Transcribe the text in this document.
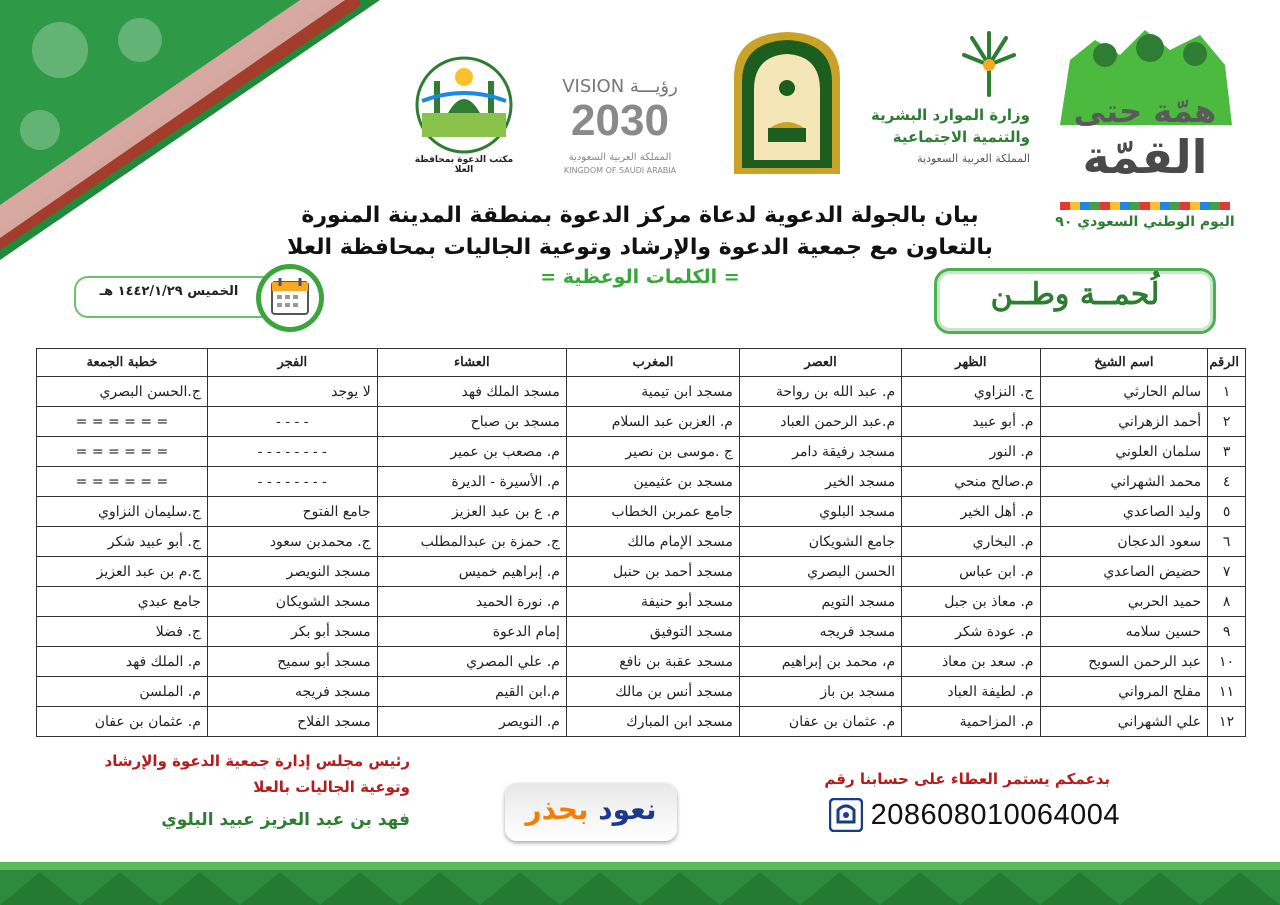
همّة حتى
القمّة
اليوم الوطني السعودي ٩٠
وزارة الموارد البشرية
والتنمية الاجتماعية
المملكة العربية السعودية
VISION رؤيـــة
2030
المملكة العربية السعودية
KINGDOM OF SAUDI ARABIA
مكتب الدعوة بمحافظة العلا
بيان بالجولة الدعوية لدعاة مركز الدعوة بمنطقة المدينة المنورة
بالتعاون مع جمعية الدعوة والإرشاد وتوعية الجاليات بمحافظة العلا
= الكلمات الوعظية =
الخميس ١٤٤٢/١/٢٩ هـ	لُحمــة وطــن
الرقم	اسم الشيخ	الظهر	العصر	المغرب	العشاء	الفجر	خطبة الجمعة
١	سالم الحارثي	ج. النزاوي	م. عبد الله بن رواحة	مسجد ابن تيمية	مسجد الملك فهد	لا يوجد	ج.الحسن البصري
٢	أحمد الزهراني	م. أبو عبيد	م.عبد الرحمن العباد	م. العزبن عبد السلام	مسجد بن صباح	- - - -	= = = = = =
٣	سلمان العلوني	م. النور	مسجد رفيقة دامر	ج .موسى بن نصير	م. مصعب بن عمير	- - - - - - - -	= = = = = =
٤	محمد الشهراني	م.صالح منحي	مسجد الخير	مسجد بن عثيمين	م. الأسيرة - الديرة	- - - - - - - -	= = = = = =
٥	وليد الصاعدي	م. أهل الخير	مسجد البلوي	جامع عمربن الخطاب	م. ع بن عبد العزيز	جامع الفتوح	ج.سليمان النزاوي
٦	سعود الدعجان	م. البخاري	جامع الشويكان	مسجد الإمام مالك	ج. حمزة بن عبدالمطلب	ج. محمدبن سعود	ج. أبو عبيد شكر
٧	حضيض الصاعدي	م. ابن عباس	الحسن البصري	مسجد أحمد بن حنبل	م. إبراهيم خميس	مسجد النويصر	ج.م بن عبد العزيز
٨	حميد الحربي	م. معاذ بن جبل	مسجد التويم	مسجد أبو حنيفة	م. نورة الحميد	مسجد الشويكان	جامع عبدي
٩	حسين سلامه	م. عودة شكر	مسجد فريجه	مسجد التوفيق	إمام الدعوة	مسجد أبو بكر	ج. فضلا
١٠	عبد الرحمن السويح	م. سعد بن معاذ	م، محمد بن إبراهيم	مسجد عقبة بن نافع	م. علي المصري	مسجد أبو سميح	م. الملك فهد
١١	مفلح المرواني	م. لطيفة العباد	مسجد بن باز	مسجد أنس بن مالك	م.ابن القيم	مسجد فريجه	م. الملسن
١٢	علي الشهراني	م. المزاحمية	م. عثمان بن عفان	مسجد ابن المبارك	م. النويصر	مسجد الفلاح	م. عثمان بن عفان
رئيس مجلس إدارة جمعية الدعوة والإرشاد
وتوعية الجاليات بالعلا
فهد بن عبد العزيز عبيد البلوي	نعود بحذر
بدعمكم يستمر العطاء على حسابنا رقم
208608010064004
